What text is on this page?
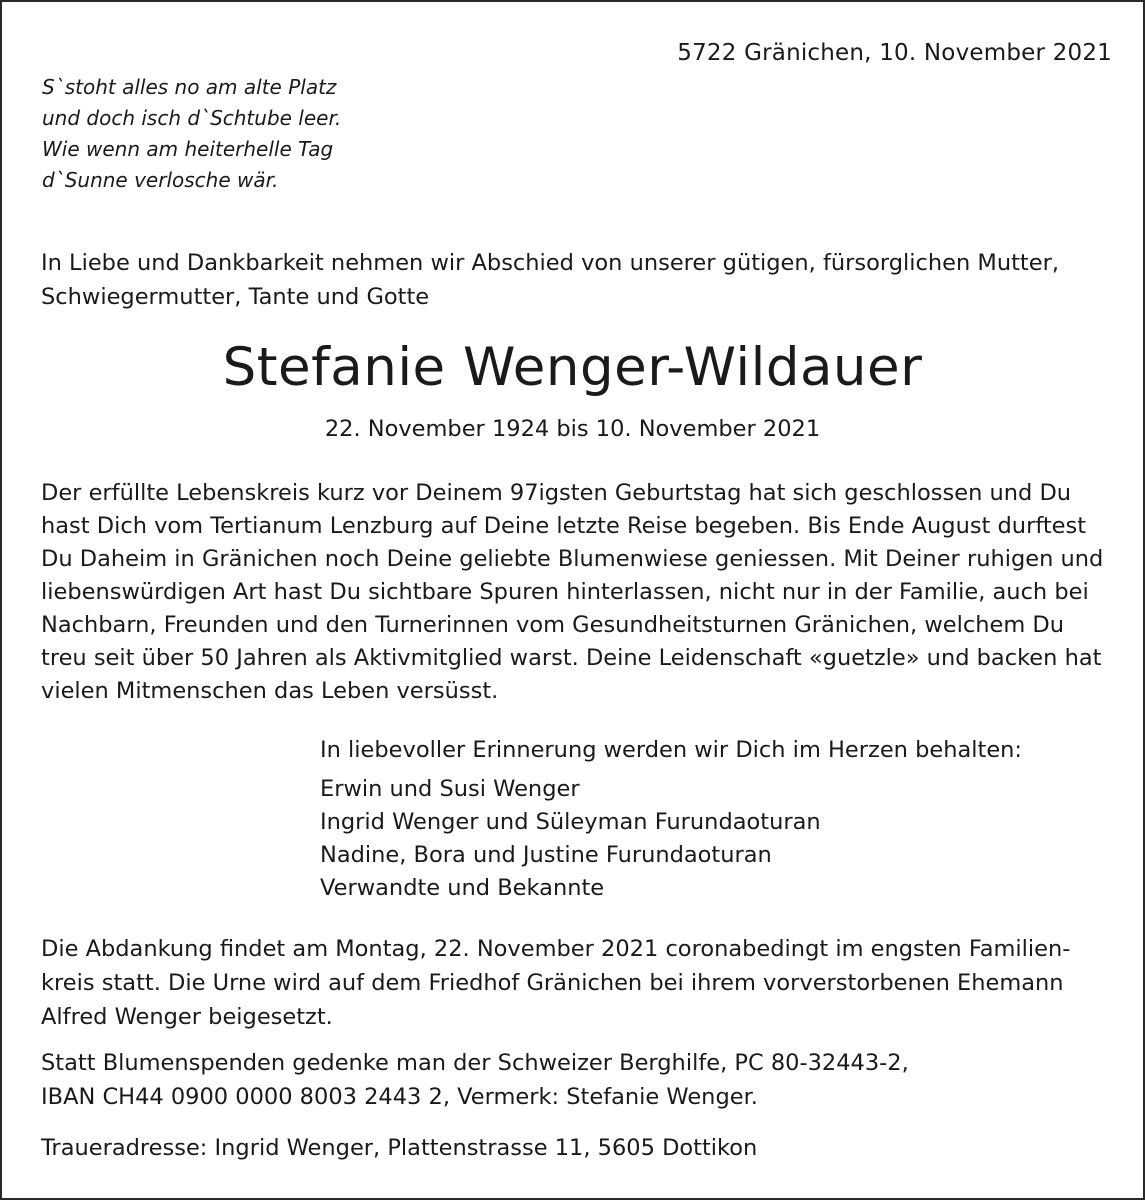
5722 Gränichen, 10. November 2021
S`stoht alles no am alte Platz
und doch isch d`Schtube leer.
Wie wenn am heiterhelle Tag
d`Sunne verlosche wär.
In Liebe und Dankbarkeit nehmen wir Abschied von unserer gütigen, fürsorglichen Mutter,
Schwiegermutter, Tante und Gotte
Stefanie Wenger-Wildauer
22. November 1924 bis 10. November 2021
Der erfüllte Lebenskreis kurz vor Deinem 97igsten Geburtstag hat sich geschlossen und Du
hast Dich vom Tertianum Lenzburg auf Deine letzte Reise begeben. Bis Ende August durftest
Du Daheim in Gränichen noch Deine geliebte Blumenwiese geniessen. Mit Deiner ruhigen und
liebenswürdigen Art hast Du sichtbare Spuren hinterlassen, nicht nur in der Familie, auch bei
Nachbarn, Freunden und den Turnerinnen vom Gesundheitsturnen Gränichen, welchem Du
treu seit über 50 Jahren als Aktivmitglied warst. Deine Leidenschaft «guetzle» und backen hat
vielen Mitmenschen das Leben versüsst.
In liebevoller Erinnerung werden wir Dich im Herzen behalten:
Erwin und Susi Wenger
Ingrid Wenger und Süleyman Furundaoturan
Nadine, Bora und Justine Furundaoturan
Verwandte und Bekannte
Die Abdankung findet am Montag, 22. November 2021 coronabedingt im engsten Familien-
kreis statt. Die Urne wird auf dem Friedhof Gränichen bei ihrem vorverstorbenen Ehemann
Alfred Wenger beigesetzt.
Statt Blumenspenden gedenke man der Schweizer Berghilfe, PC 80-32443-2,
IBAN CH44 0900 0000 8003 2443 2, Vermerk: Stefanie Wenger.
Traueradresse: Ingrid Wenger, Plattenstrasse 11, 5605 Dottikon
